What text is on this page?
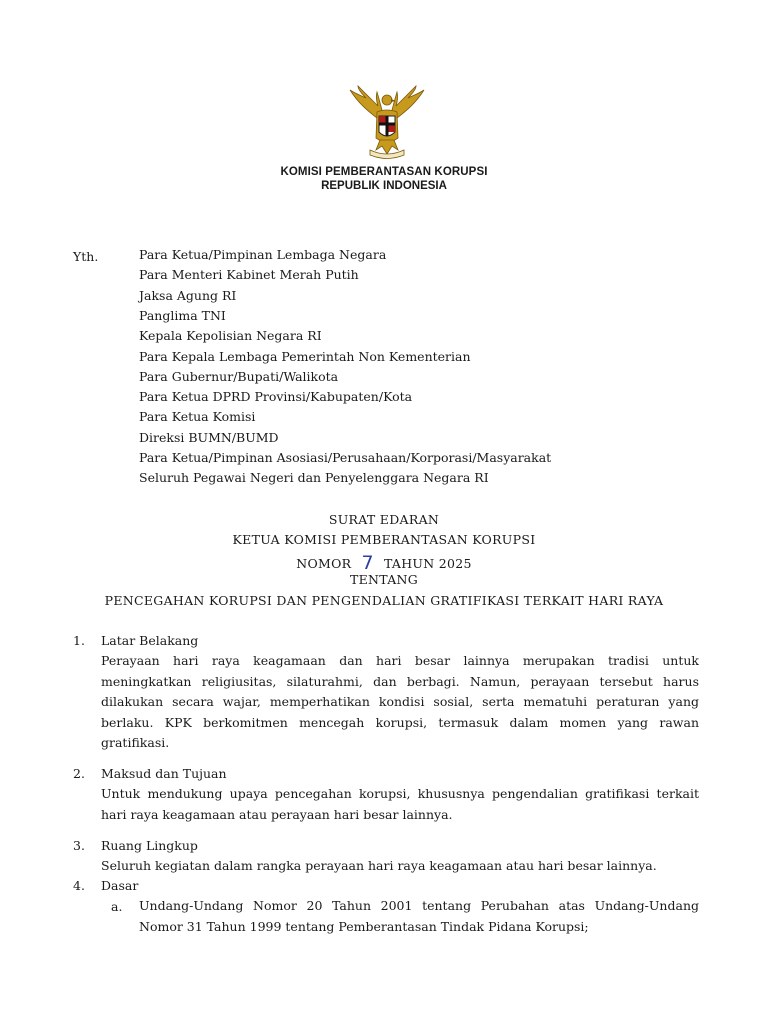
KOMISI PEMBERANTASAN KORUPSI
REPUBLIK INDONESIA
Yth.	Para Ketua/Pimpinan Lembaga Negara
Para Menteri Kabinet Merah Putih
Jaksa Agung RI
Panglima TNI
Kepala Kepolisian Negara RI
Para Kepala Lembaga Pemerintah Non Kementerian
Para Gubernur/Bupati/Walikota
Para Ketua DPRD Provinsi/Kabupaten/Kota
Para Ketua Komisi
Direksi BUMN/BUMD
Para Ketua/Pimpinan Asosiasi/Perusahaan/Korporasi/Masyarakat
Seluruh Pegawai Negeri dan Penyelenggara Negara RI
SURAT EDARAN
KETUA KOMISI PEMBERANTASAN KORUPSI
NOMOR 7 TAHUN 2025
TENTANG
PENCEGAHAN KORUPSI DAN PENGENDALIAN GRATIFIKASI TERKAIT HARI RAYA
1. Latar Belakang

Perayaan hari raya keagamaan dan hari besar lainnya merupakan tradisi untuk meningkatkan religiusitas, silaturahmi, dan berbagi. Namun, perayaan tersebut harus dilakukan secara wajar, memperhatikan kondisi sosial, serta mematuhi peraturan yang berlaku. KPK berkomitmen mencegah korupsi, termasuk dalam momen yang rawan gratifikasi.

2. Maksud dan Tujuan

Untuk mendukung upaya pencegahan korupsi, khususnya pengendalian gratifikasi terkait hari raya keagamaan atau perayaan hari besar lainnya.

3. Ruang Lingkup

Seluruh kegiatan dalam rangka perayaan hari raya keagamaan atau hari besar lainnya.

4. Dasar
a. Undang-Undang Nomor 20 Tahun 2001 tentang Perubahan atas Undang-Undang Nomor 31 Tahun 1999 tentang Pemberantasan Tindak Pidana Korupsi;
